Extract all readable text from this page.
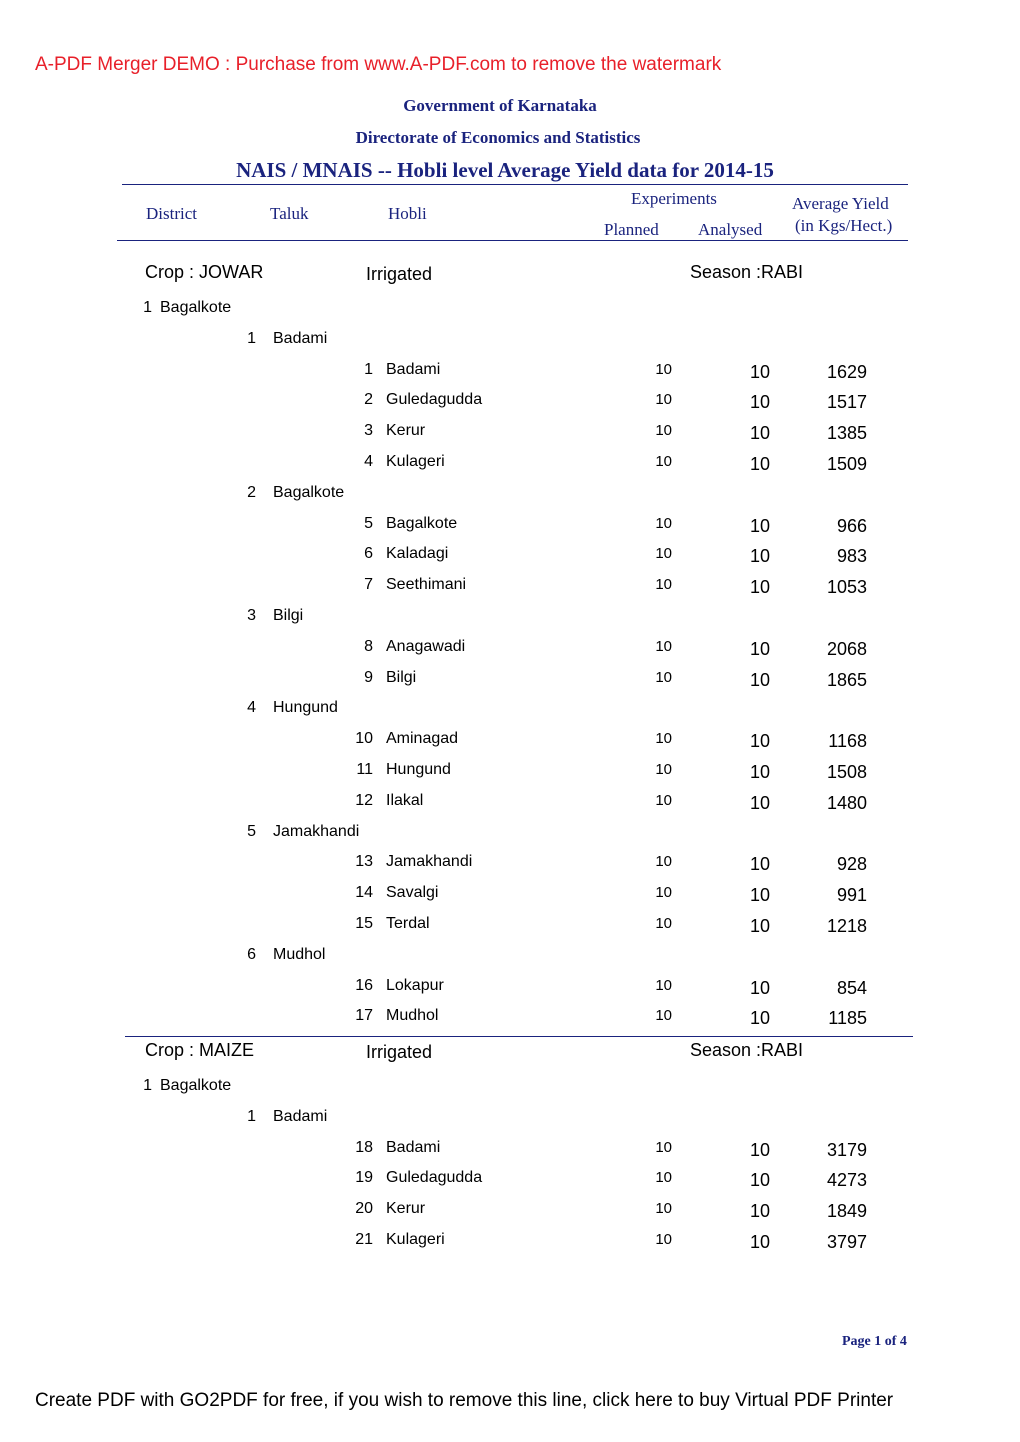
A-PDF Merger DEMO : Purchase from www.A-PDF.com to remove the watermark
Government of Karnataka
Directorate of Economics and Statistics
NAIS / MNAIS -- Hobli level Average Yield data for 2014-15
District	Taluk	Hobli
Experiments
Planned Analysed
Average Yield
(in Kgs/Hect.)
Crop : JOWAR	Irrigated	Season :RABI
1 Bagalkote
1 Badami
1 Badami	10	10	1629
2 Guledagudda	10	10	1517
3 Kerur	10	10	1385
4 Kulageri	10	10	1509
2 Bagalkote
5 Bagalkote	10	10	966
6 Kaladagi	10	10	983
7 Seethimani	10	10	1053
3 Bilgi
8 Anagawadi	10	10	2068
9 Bilgi	10	10	1865
4 Hungund
10 Aminagad	10	10	1168
11 Hungund	10	10	1508
12 Ilakal	10	10	1480
5 Jamakhandi
13 Jamakhandi	10	10	928
14 Savalgi	10	10	991
15 Terdal	10	10	1218
6 Mudhol
16 Lokapur	10	10	854
17 Mudhol	10	10	1185
Crop : MAIZE	Irrigated	Season :RABI
1 Bagalkote
1 Badami
18 Badami	10	10	3179
19 Guledagudda	10	10	4273
20 Kerur	10	10	1849
21 Kulageri	10	10	3797
Page 1 of 4
Create PDF with GO2PDF for free, if you wish to remove this line, click here to buy Virtual PDF Printer
